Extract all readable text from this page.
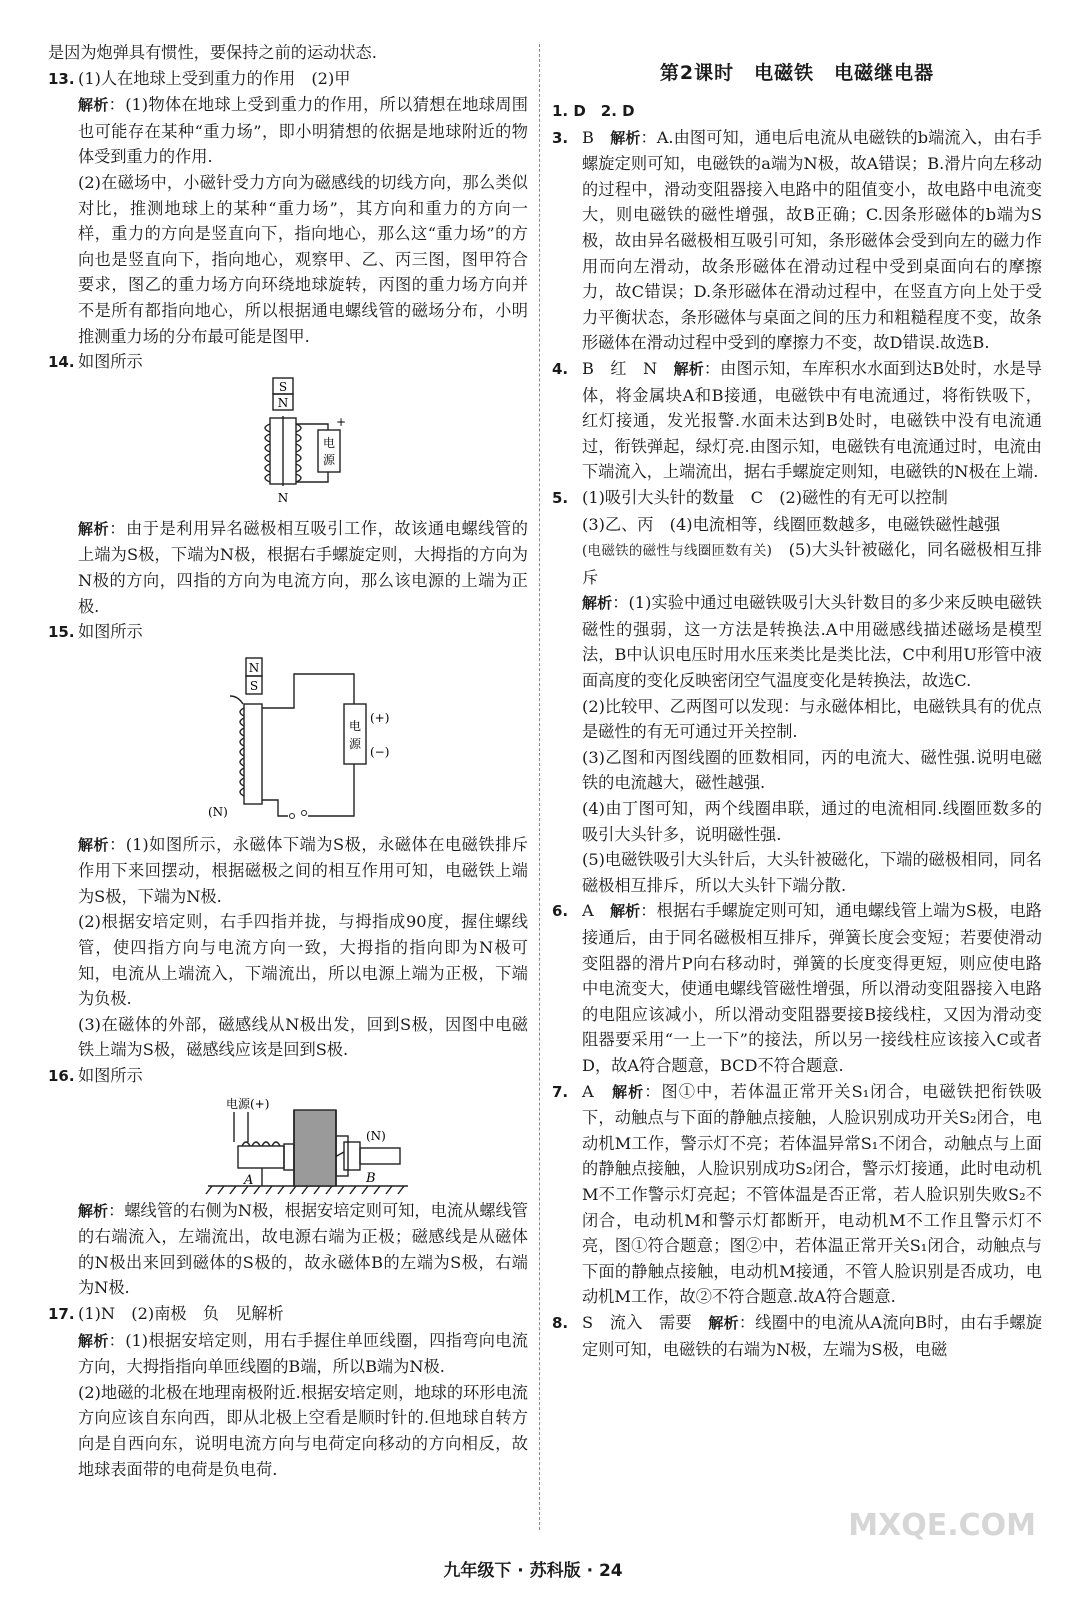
是因为炮弹具有惯性，要保持之前的运动状态.

13. (1)人在地球上受到重力的作用　(2)甲

解析：(1)物体在地球上受到重力的作用，所以猜想在地球周围也可能存在某种“重力场”，即小明猜想的依据是地球附近的物体受到重力的作用.

(2)在磁场中，小磁针受力方向为磁感线的切线方向，那么类似对比，推测地球上的某种“重力场”，其方向和重力的方向一样，重力的方向是竖直向下，指向地心，那么这“重力场”的方向也是竖直向下，指向地心，观察甲、乙、丙三图，图甲符合要求，图乙的重力场方向环绕地球旋转，丙图的重力场方向并不是所有都指向地心，所以根据通电螺线管的磁场分布，小明推测重力场的分布最可能是图甲.

14. 如图所示

S
N
+
电
源
N

解析：由于是利用异名磁极相互吸引工作，故该通电螺线管的上端为S极，下端为N极，根据右手螺旋定则，大拇指的方向为N极的方向，四指的方向为电流方向，那么该电源的上端为正极.

15. 如图所示

N
S
电
源
(+)
(−)
(N)

解析：(1)如图所示，永磁体下端为S极，永磁体在电磁铁排斥作用下来回摆动，根据磁极之间的相互作用可知，电磁铁上端为S极，下端为N极.

(2)根据安培定则，右手四指并拢，与拇指成90度，握住螺线管，使四指方向与电流方向一致，大拇指的指向即为N极可知，电流从上端流入，下端流出，所以电源上端为正极，下端为负极.

(3)在磁体的外部，磁感线从N极出发，回到S极，因图中电磁铁上端为S极，磁感线应该是回到S极.

16. 如图所示

电源(+)
(N)
B
A

解析：螺线管的右侧为N极，根据安培定则可知，电流从螺线管的右端流入，左端流出，故电源右端为正极；磁感线是从磁体的N极出来回到磁体的S极的，故永磁体B的左端为S极，右端为N极.

17. (1)N　(2)南极　负　见解析

解析：(1)根据安培定则，用右手握住单匝线圈，四指弯向电流方向，大拇指指向单匝线圈的B端，所以B端为N极.

(2)地磁的北极在地理南极附近.根据安培定则，地球的环形电流方向应该自东向西，即从北极上空看是顺时针的.但地球自转方向是自西向东，说明电流方向与电荷定向移动的方向相反，故地球表面带的电荷是负电荷.

第2课时　电磁铁　电磁继电器

1. D　2. D

3. B　 解析：A.由图可知，通电后电流从电磁铁的b端流入，由右手螺旋定则可知，电磁铁的a端为N极，故A错误；B.滑片向左移动的过程中，滑动变阻器接入电路中的阻值变小，故电路中电流变大，则电磁铁的磁性增强，故B正确；C.因条形磁体的b端为S极，故由异名磁极相互吸引可知，条形磁体会受到向左的磁力作用而向左滑动，故条形磁体在滑动过程中受到桌面向右的摩擦力，故C错误；D.条形磁体在滑动过程中，在竖直方向上处于受力平衡状态，条形磁体与桌面之间的压力和粗糙程度不变，故条形磁体在滑动过程中受到的摩擦力不变，故D错误.故选B.

4. B　红　N　 解析：由图示知，车库积水水面到达B处时，水是导体，将金属块A和B接通，电磁铁中有电流通过，将衔铁吸下，红灯接通，发光报警.水面未达到B处时，电磁铁中没有电流通过，衔铁弹起，绿灯亮.由图示知，电磁铁有电流通过时，电流由下端流入，上端流出，据右手螺旋定则知，电磁铁的N极在上端.

5. (1)吸引大头针的数量　C　(2)磁性的有无可以控制

(3)乙、丙　(4)电流相等，线圈匝数越多，电磁铁磁性越强

(电磁铁的磁性与线圈匝数有关)　(5)大头针被磁化，同名磁极相互排斥

解析：(1)实验中通过电磁铁吸引大头针数目的多少来反映电磁铁磁性的强弱，这一方法是转换法.A中用磁感线描述磁场是模型法，B中认识电压时用水压来类比是类比法，C中利用U形管中液面高度的变化反映密闭空气温度变化是转换法，故选C.

(2)比较甲、乙两图可以发现：与永磁体相比，电磁铁具有的优点是磁性的有无可通过开关控制.

(3)乙图和丙图线圈的匝数相同，丙的电流大、磁性强.说明电磁铁的电流越大，磁性越强.

(4)由丁图可知，两个线圈串联，通过的电流相同.线圈匝数多的吸引大头针多，说明磁性强.

(5)电磁铁吸引大头针后，大头针被磁化，下端的磁极相同，同名磁极相互排斥，所以大头针下端分散.

6. A　 解析：根据右手螺旋定则可知，通电螺线管上端为S极，电路接通后，由于同名磁极相互排斥，弹簧长度会变短；若要使滑动变阻器的滑片P向右移动时，弹簧的长度变得更短，则应使电路中电流变大，使通电螺线管磁性增强，所以滑动变阻器接入电路的电阻应该减小，所以滑动变阻器要接B接线柱，又因为滑动变阻器要采用“一上一下”的接法，所以另一接线柱应该接入C或者D，故A符合题意，BCD不符合题意.

7. A　 解析：图①中，若体温正常开关S₁闭合，电磁铁把衔铁吸下，动触点与下面的静触点接触，人脸识别成功开关S₂闭合，电动机M工作，警示灯不亮；若体温异常S₁不闭合，动触点与上面的静触点接触，人脸识别成功S₂闭合，警示灯接通，此时电动机M不工作警示灯亮起；不管体温是否正常，若人脸识别失败S₂不闭合，电动机M和警示灯都断开，电动机M不工作且警示灯不亮，图①符合题意；图②中，若体温正常开关S₁闭合，动触点与下面的静触点接触，电动机M接通，不管人脸识别是否成功，电动机M工作，故②不符合题意.故A符合题意.

8. S　流入　需要　 解析：线圈中的电流从A流向B时，由右手螺旋定则可知，电磁铁的右端为N极，左端为S极，电磁

九年级下 · 苏科版 · 24
MXQE.COM
